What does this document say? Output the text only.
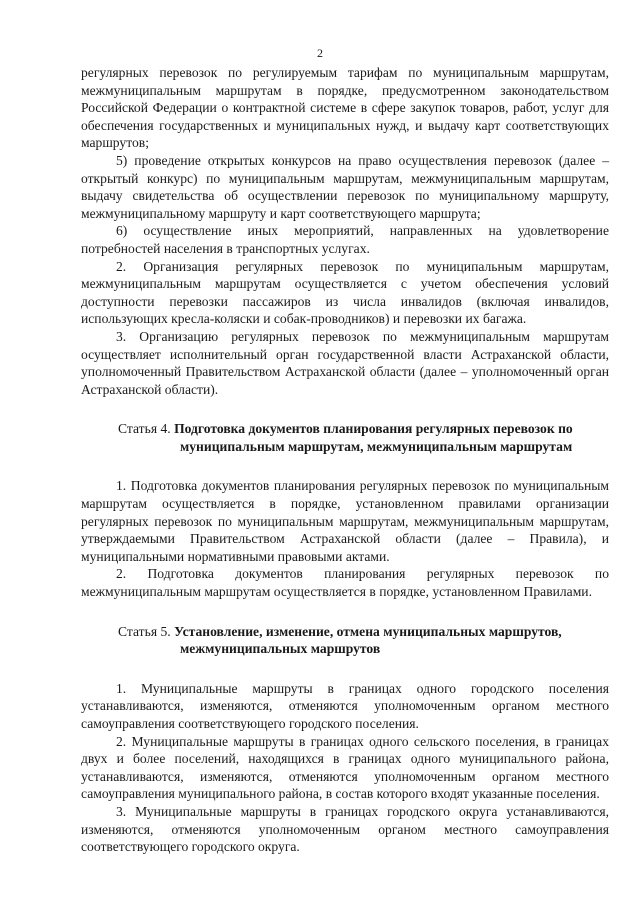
2

регулярных перевозок по регулируемым тарифам по муниципальным маршрутам, межмуниципальным маршрутам в порядке, предусмотренном законодательством Российской Федерации о контрактной системе в сфере закупок товаров, работ, услуг для обеспечения государственных и муниципальных нужд, и выдачу карт соответствующих маршрутов;

5) проведение открытых конкурсов на право осуществления перевозок (далее – открытый конкурс) по муниципальным маршрутам, межмуниципальным маршрутам, выдачу свидетельства об осуществлении перевозок по муниципальному маршруту, межмуниципальному маршруту и карт соответствующего маршрута;

6) осуществление иных мероприятий, направленных на удовлетворение потребностей населения в транспортных услугах.

2. Организация регулярных перевозок по муниципальным маршрутам, межмуниципальным маршрутам осуществляется с учетом обеспечения условий доступности перевозки пассажиров из числа инвалидов (включая инвалидов, использующих кресла-коляски и собак-проводников) и перевозки их багажа.

3. Организацию регулярных перевозок по межмуниципальным маршрутам осуществляет исполнительный орган государственной власти Астраханской области, уполномоченный Правительством Астраханской области (далее – уполномоченный орган Астраханской области).

Статья 4. Подготовка документов планирования регулярных перевозок по
муниципальным маршрутам, межмуниципальным маршрутам

1. Подготовка документов планирования регулярных перевозок по муниципальным маршрутам осуществляется в порядке, установленном правилами организации регулярных перевозок по муниципальным маршрутам, межмуниципальным маршрутам, утверждаемыми Правительством Астраханской области (далее – Правила), и муниципальными нормативными правовыми актами.

2. Подготовка документов планирования регулярных перевозок по межмуниципальным маршрутам осуществляется в порядке, установленном Правилами.

Статья 5. Установление, изменение, отмена муниципальных маршрутов,
межмуниципальных маршрутов

1. Муниципальные маршруты в границах одного городского поселения устанавливаются, изменяются, отменяются уполномоченным органом местного самоуправления соответствующего городского поселения.

2. Муниципальные маршруты в границах одного сельского поселения, в границах двух и более поселений, находящихся в границах одного муниципального района, устанавливаются, изменяются, отменяются уполномоченным органом местного самоуправления муниципального района, в состав которого входят указанные поселения.

3. Муниципальные маршруты в границах городского округа устанавливаются, изменяются, отменяются уполномоченным органом местного самоуправления соответствующего городского округа.
